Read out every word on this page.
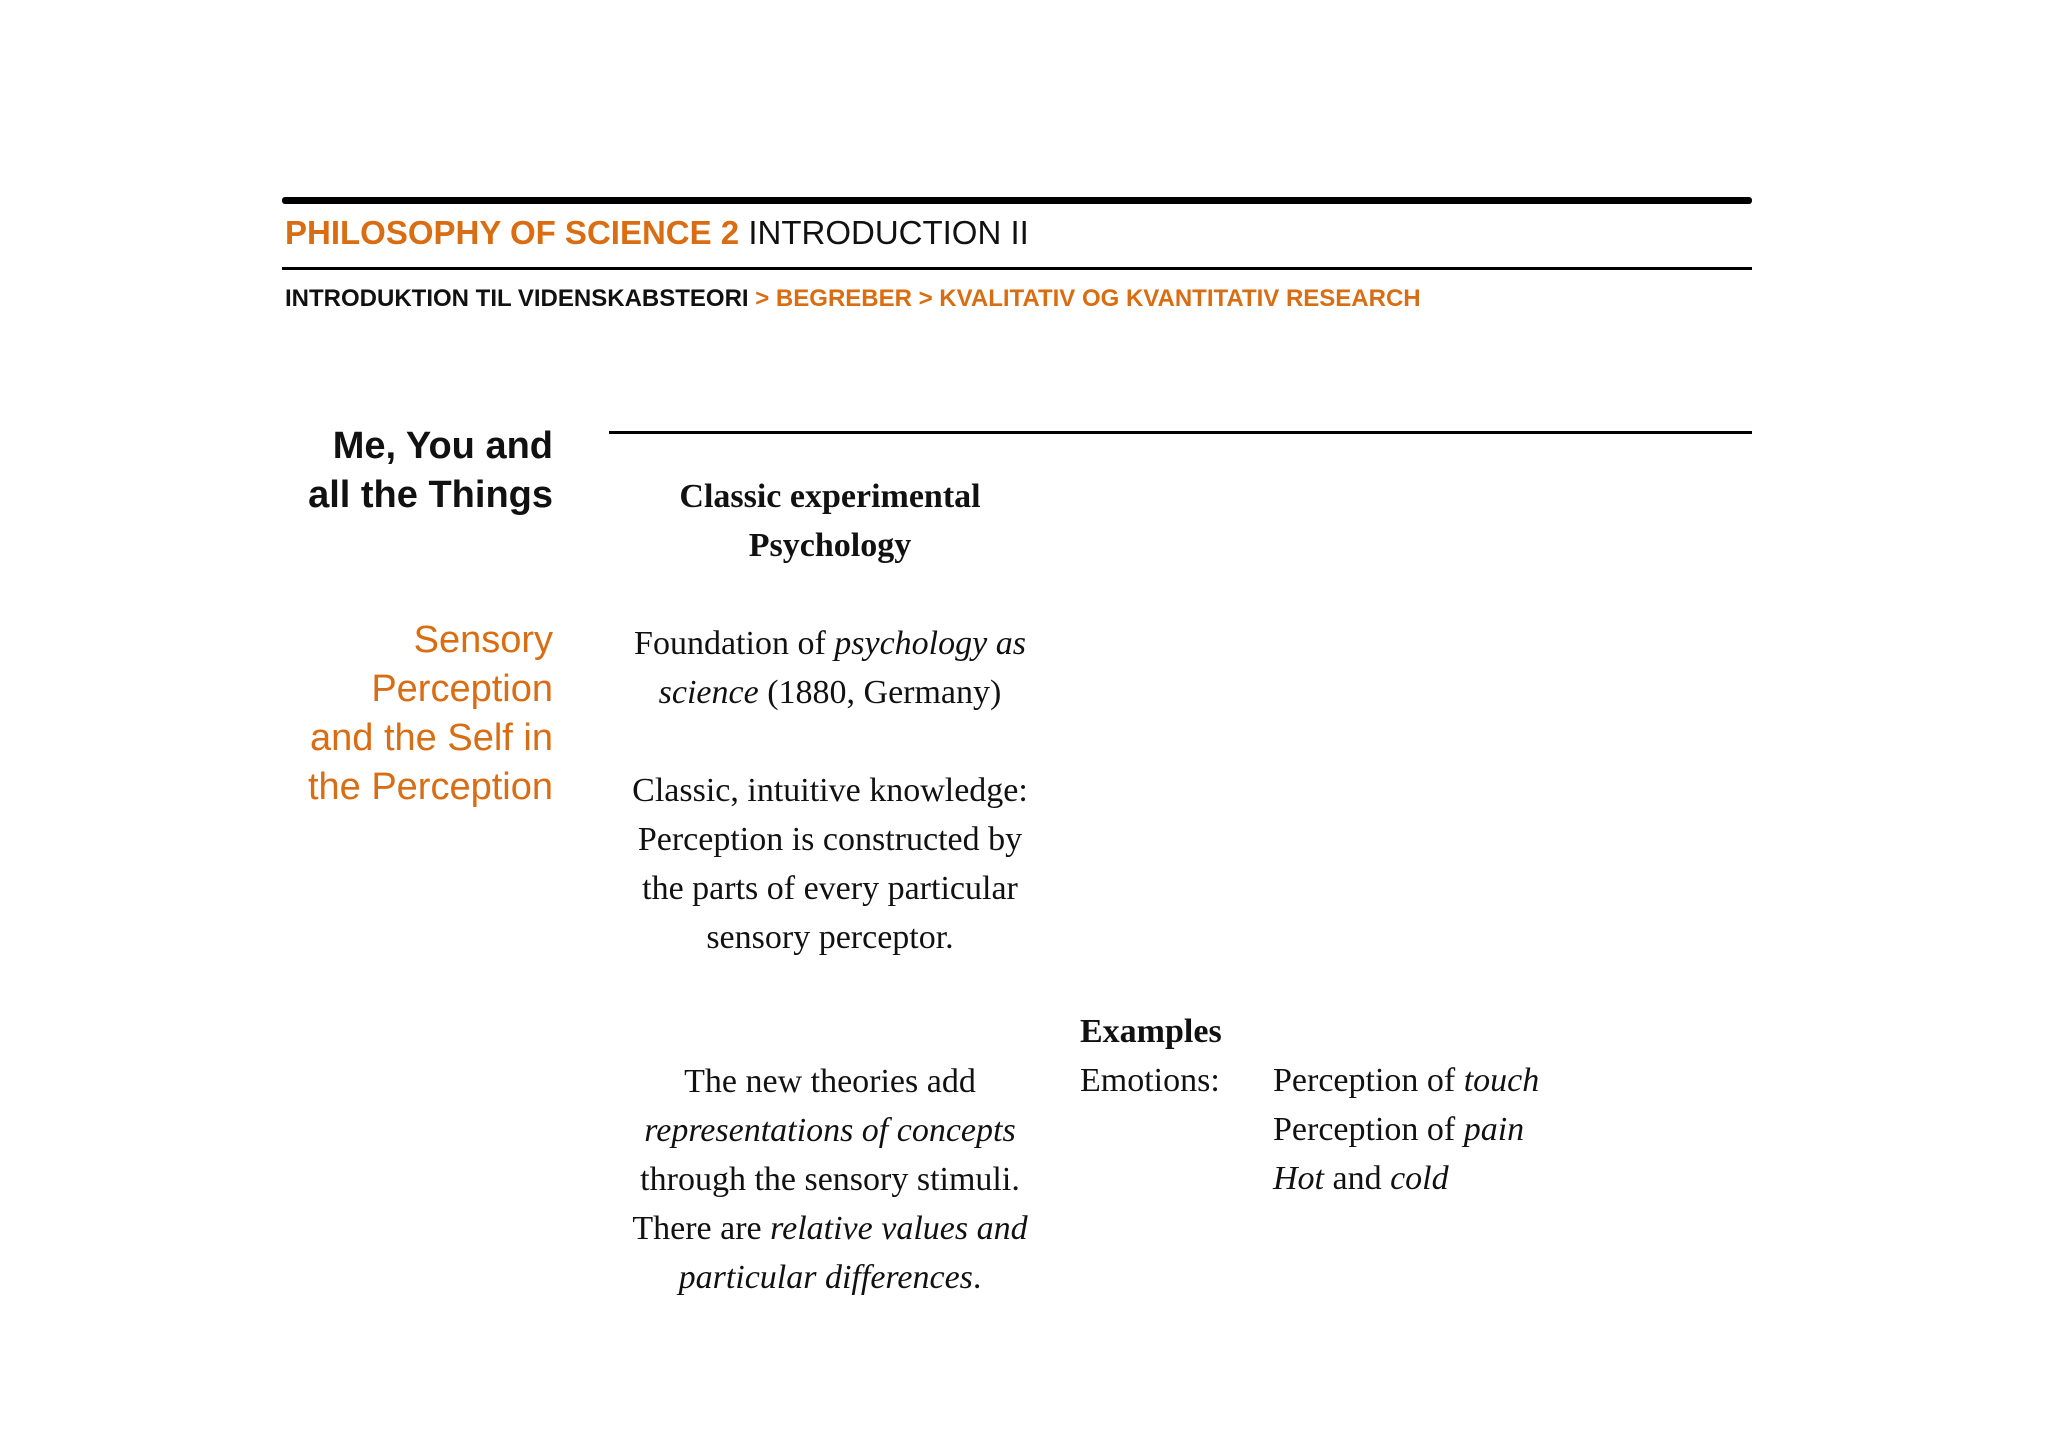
PHILOSOPHY OF SCIENCE 2 INTRODUCTION II
INTRODUKTION TIL VIDENSKABSTEORI > BEGREBER > KVALITATIV OG KVANTITATIV RESEARCH
Me, You and
all the Things
Sensory
Perception
and the Self in
the Perception
Classic experimental
Psychology
Foundation of psychology as
science (1880, Germany)
Classic, intuitive knowledge:
Perception is constructed by
the parts of every particular
sensory perceptor.
The new theories add
representations of concepts
through the sensory stimuli.
There are relative values and
particular differences.
Examples
Emotions: Perception of touch
Perception of pain
Hot and cold
